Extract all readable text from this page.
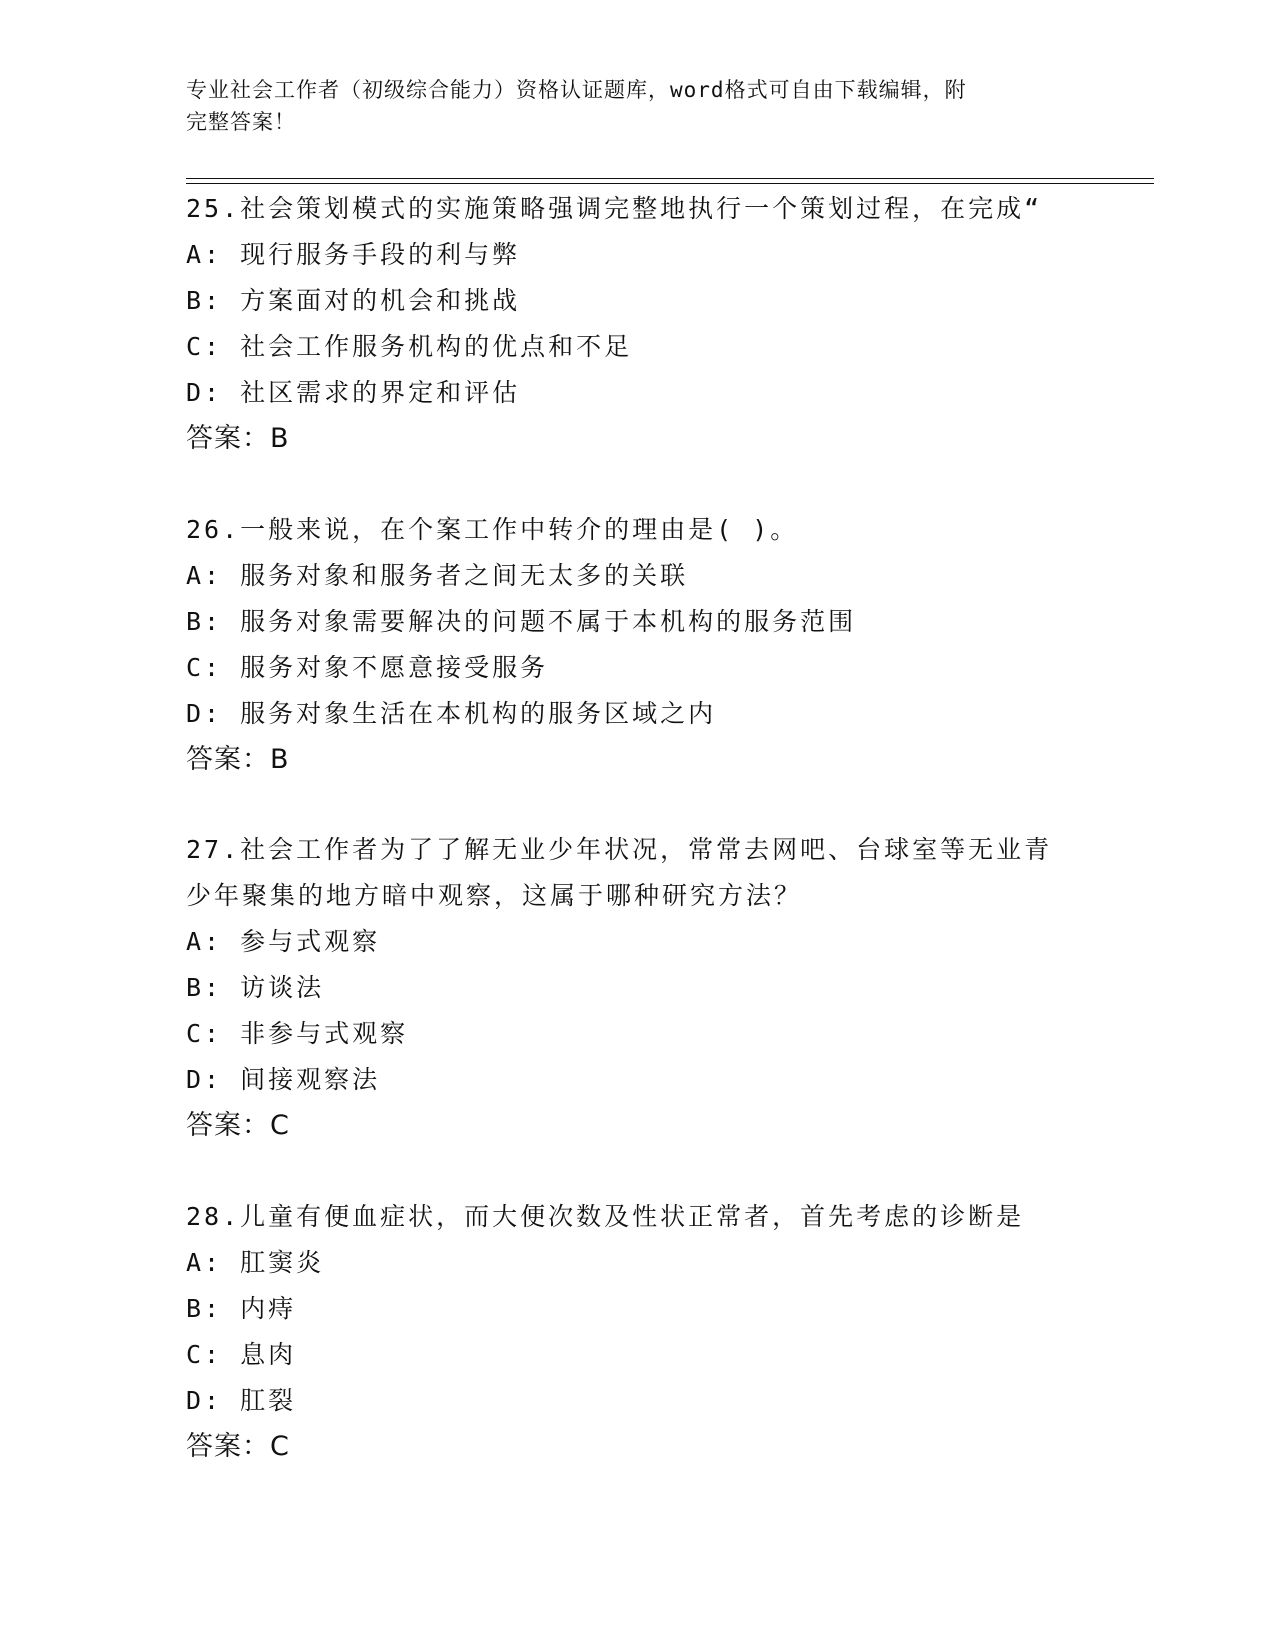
专业社会工作者（初级综合能力）资格认证题库，word格式可自由下载编辑，附
完整答案！
25.社会策划模式的实施策略强调完整地执行一个策划过程，在完成“
A: 现行服务手段的利与弊
B: 方案面对的机会和挑战
C: 社会工作服务机构的优点和不足
D: 社区需求的界定和评估
答案：B
26.一般来说，在个案工作中转介的理由是( )。
A: 服务对象和服务者之间无太多的关联
B: 服务对象需要解决的问题不属于本机构的服务范围
C: 服务对象不愿意接受服务
D: 服务对象生活在本机构的服务区域之内
答案：B
27.社会工作者为了了解无业少年状况，常常去网吧、台球室等无业青少年聚集的地方暗中观察，这属于哪种研究方法？
A: 参与式观察
B: 访谈法
C: 非参与式观察
D: 间接观察法
答案：C
28.儿童有便血症状，而大便次数及性状正常者，首先考虑的诊断是
A: 肛窦炎
B: 内痔
C: 息肉
D: 肛裂
答案：C
